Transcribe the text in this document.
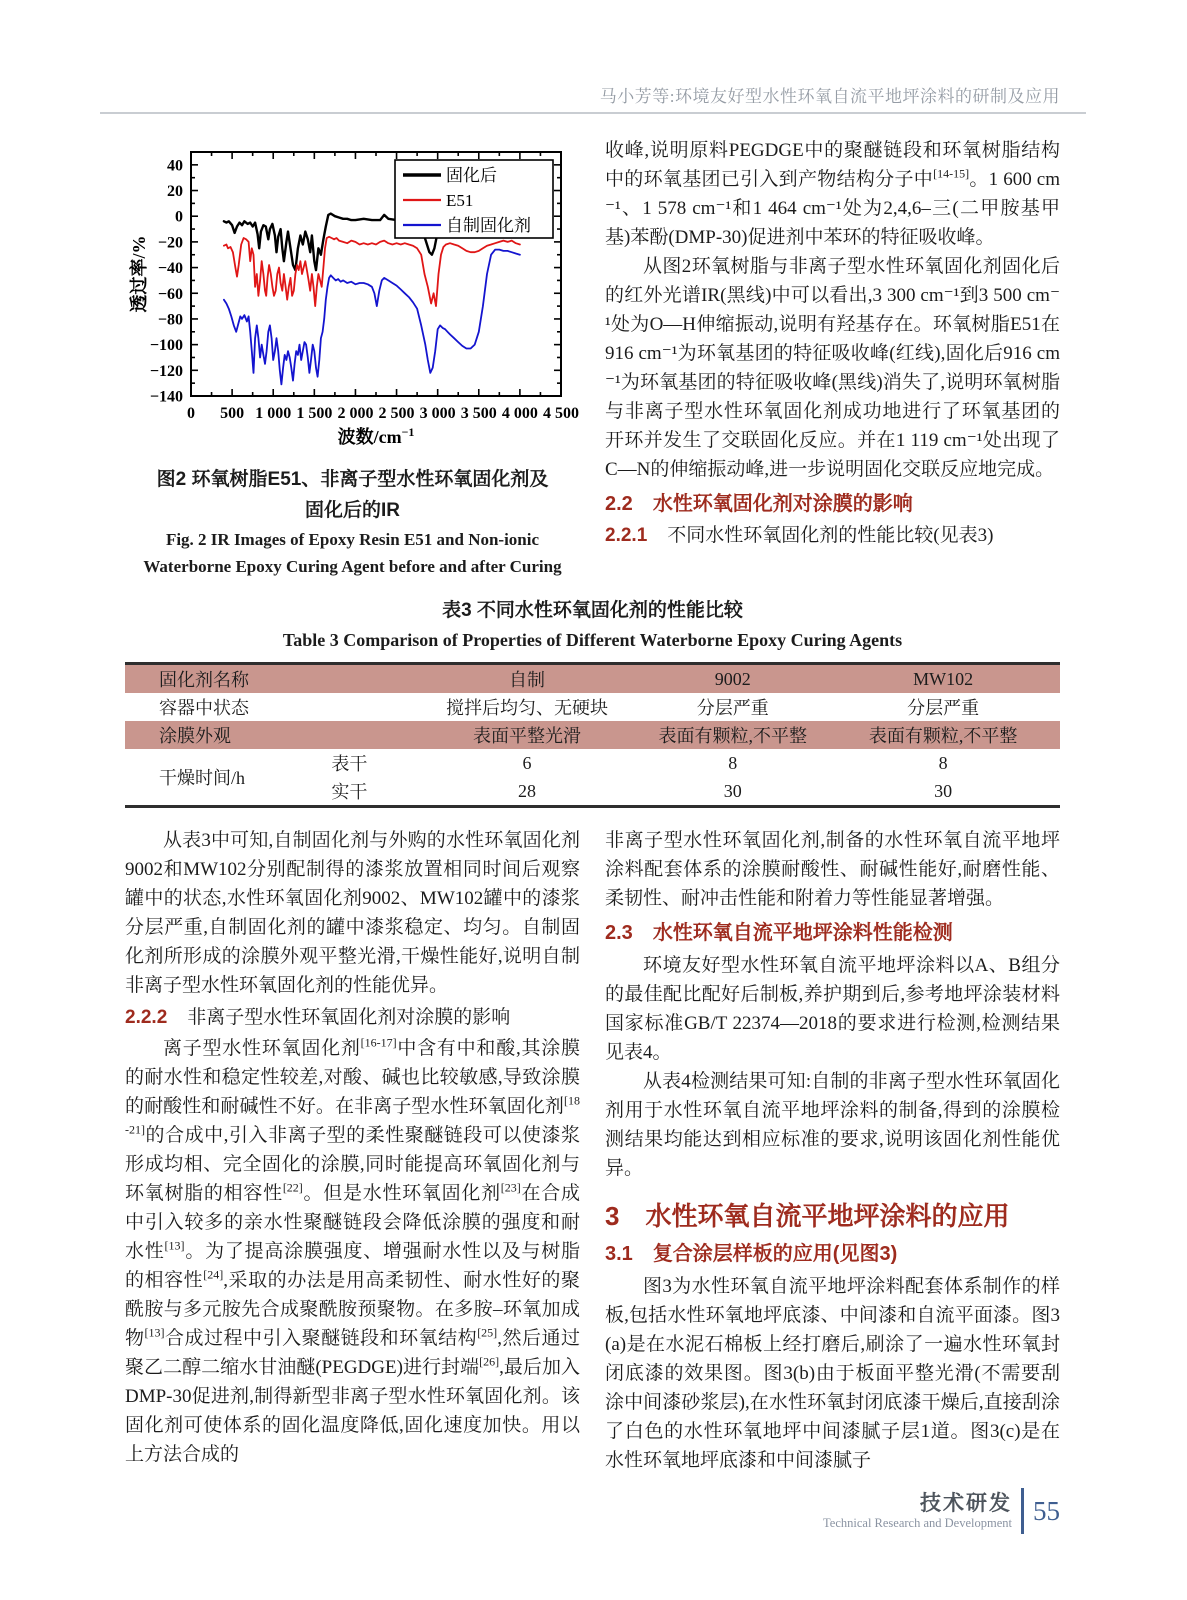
马小芳等:环境友好型水性环氧自流平地坪涂料的研制及应用
0 500 1 000 1 500 2 000 2 500 3 000 3 500 4 000 4 500
40
20
0
−20
−40
−60
−80
−100
−120
−140
固化后
E51
自制固化剂
波数$/cm^{-1}$
透过率/%
图2 环氧树脂E51、非离子型水性环氧固化剂及
固化后的IR
Fig. 2 IR Images of Epoxy Resin E51 and Non-ionic
Waterborne Epoxy Curing Agent before and after Curing

收峰,说明原料PEGDGE中的聚醚链段和环氧树脂结构中的环氧基团已引入到产物结构分子中[14-15]。1 600 cm⁻¹、1 578 cm⁻¹和1 464 cm⁻¹处为2,4,6–三(二甲胺基甲基)苯酚(DMP-30)促进剂中苯环的特征吸收峰。

从图2环氧树脂与非离子型水性环氧固化剂固化后的红外光谱IR(黑线)中可以看出,3 300 cm⁻¹到3 500 cm⁻¹处为O—H伸缩振动,说明有羟基存在。环氧树脂E51在916 cm⁻¹为环氧基团的特征吸收峰(红线),固化后916 cm⁻¹为环氧基团的特征吸收峰(黑线)消失了,说明环氧树脂与非离子型水性环氧固化剂成功地进行了环氧基团的开环并发生了交联固化反应。并在1 119 cm⁻¹处出现了C—N的伸缩振动峰,进一步说明固化交联反应地完成。

2.2 水性环氧固化剂对涂膜的影响
2.2.1 不同水性环氧固化剂的性能比较(见表3)
表3 不同水性环氧固化剂的性能比较
Table 3 Comparison of Properties of Different Waterborne Epoxy Curing Agents
固化剂名称		自制	9002	MW102
容器中状态		搅拌后均匀、无硬块	分层严重	分层严重
涂膜外观		表面平整光滑	表面有颗粒,不平整	表面有颗粒,不平整
干燥时间/h	表干	6	8	8
	实干	28	30	30

从表3中可知,自制固化剂与外购的水性环氧固化剂9002和MW102分别配制得的漆浆放置相同时间后观察罐中的状态,水性环氧固化剂9002、MW102罐中的漆浆分层严重,自制固化剂的罐中漆浆稳定、均匀。自制固化剂所形成的涂膜外观平整光滑,干燥性能好,说明自制非离子型水性环氧固化剂的性能优异。

2.2.2 非离子型水性环氧固化剂对涂膜的影响

离子型水性环氧固化剂[16-17]中含有中和酸,其涂膜的耐水性和稳定性较差,对酸、碱也比较敏感,导致涂膜的耐酸性和耐碱性不好。在非离子型水性环氧固化剂[18-21]的合成中,引入非离子型的柔性聚醚链段可以使漆浆形成均相、完全固化的涂膜,同时能提高环氧固化剂与环氧树脂的相容性[22]。但是水性环氧固化剂[23]在合成中引入较多的亲水性聚醚链段会降低涂膜的强度和耐水性[13]。为了提高涂膜强度、增强耐水性以及与树脂的相容性[24],采取的办法是用高柔韧性、耐水性好的聚酰胺与多元胺先合成聚酰胺预聚物。在多胺–环氧加成物[13]合成过程中引入聚醚链段和环氧结构[25],然后通过聚乙二醇二缩水甘油醚(PEGDGE)进行封端[26],最后加入DMP-30促进剂,制得新型非离子型水性环氧固化剂。该固化剂可使体系的固化温度降低,固化速度加快。用以上方法合成的

非离子型水性环氧固化剂,制备的水性环氧自流平地坪涂料配套体系的涂膜耐酸性、耐碱性能好,耐磨性能、柔韧性、耐冲击性能和附着力等性能显著增强。

2.3 水性环氧自流平地坪涂料性能检测

环境友好型水性环氧自流平地坪涂料以A、B组分的最佳配比配好后制板,养护期到后,参考地坪涂装材料国家标准GB/T 22374—2018的要求进行检测,检测结果见表4。

从表4检测结果可知:自制的非离子型水性环氧固化剂用于水性环氧自流平地坪涂料的制备,得到的涂膜检测结果均能达到相应标准的要求,说明该固化剂性能优异。

3 水性环氧自流平地坪涂料的应用
3.1 复合涂层样板的应用(见图3)

图3为水性环氧自流平地坪涂料配套体系制作的样板,包括水性环氧地坪底漆、中间漆和自流平面漆。图3(a)是在水泥石棉板上经打磨后,刷涂了一遍水性环氧封闭底漆的效果图。图3(b)由于板面平整光滑(不需要刮涂中间漆砂浆层),在水性环氧封闭底漆干燥后,直接刮涂了白色的水性环氧地坪中间漆腻子层1道。图3(c)是在水性环氧地坪底漆和中间漆腻子

技术研发
Technical Research and Development 55
